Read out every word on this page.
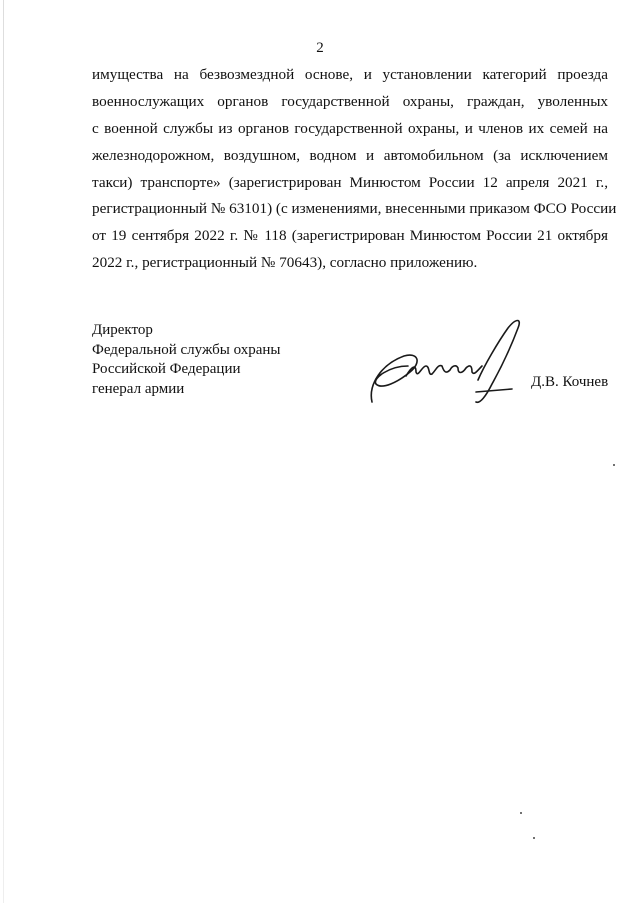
2
имущества на безвозмездной основе, и установлении категорий проезда
военнослужащих органов государственной охраны, граждан, уволенных
с военной службы из органов государственной охраны, и членов их семей на
железнодорожном, воздушном, водном и автомобильном (за исключением
такси) транспорте» (зарегистрирован Минюстом России 12 апреля 2021 г.,
регистрационный № 63101) (с изменениями, внесенными приказом ФСО России
от 19 сентября 2022 г. № 118 (зарегистрирован Минюстом России 21 октября
2022 г., регистрационный № 70643), согласно приложению.
Директор
Федеральной службы охраны
Российской Федерации
генерал армии	Д.В. Кочнев
